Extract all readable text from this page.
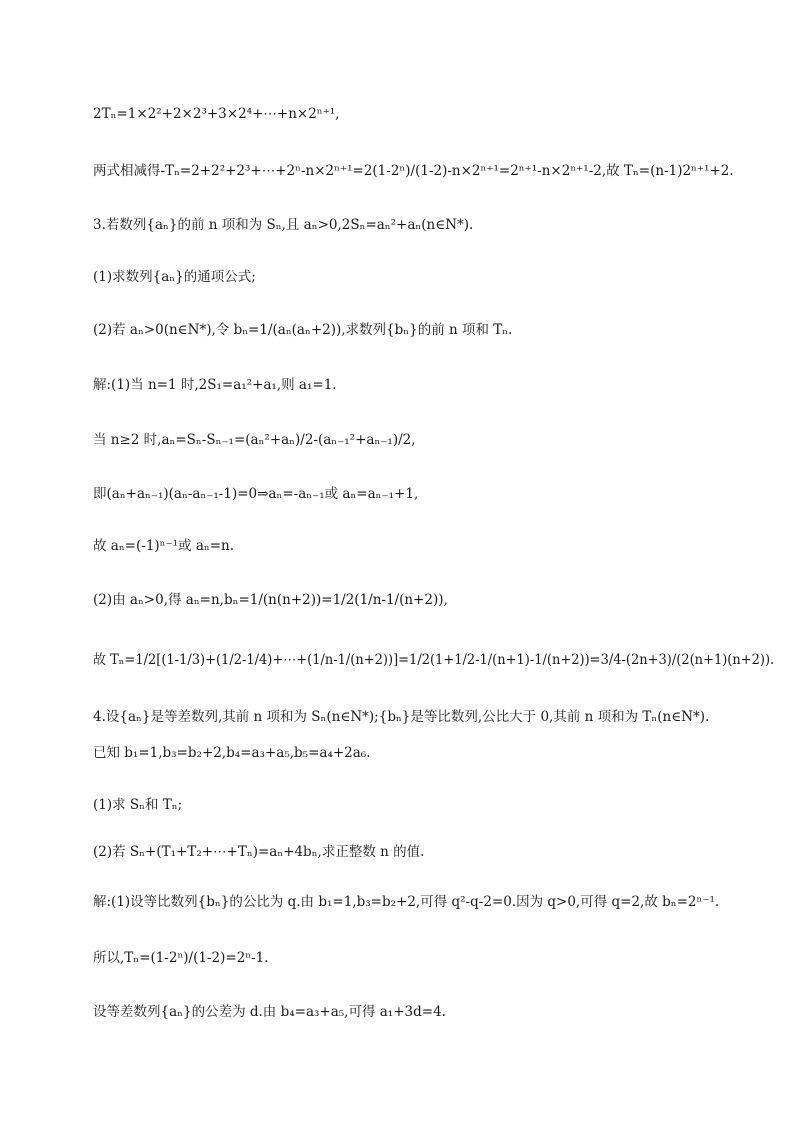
2Tₙ=1×2²+2×2³+3×2⁴+⋯+n×2ⁿ⁺¹,
两式相减得-Tₙ=2+2²+2³+⋯+2ⁿ-n×2ⁿ⁺¹=2(1-2ⁿ)/(1-2)-n×2ⁿ⁺¹=2ⁿ⁺¹-n×2ⁿ⁺¹-2,故 Tₙ=(n-1)2ⁿ⁺¹+2.
3.若数列{aₙ}的前 n 项和为 Sₙ,且 aₙ>0,2Sₙ=aₙ²+aₙ(n∈N*).
(1)求数列{aₙ}的通项公式;
(2)若 aₙ>0(n∈N*),令 bₙ=1/(aₙ(aₙ+2)),求数列{bₙ}的前 n 项和 Tₙ.
解:(1)当 n=1 时,2S₁=a₁²+a₁,则 a₁=1.
当 n≥2 时,aₙ=Sₙ-Sₙ₋₁=(aₙ²+aₙ)/2-(aₙ₋₁²+aₙ₋₁)/2,
即(aₙ+aₙ₋₁)(aₙ-aₙ₋₁-1)=0⇒aₙ=-aₙ₋₁或 aₙ=aₙ₋₁+1,
故 aₙ=(-1)ⁿ⁻¹或 aₙ=n.
(2)由 aₙ>0,得 aₙ=n,bₙ=1/(n(n+2))=1/2(1/n-1/(n+2)),
故 Tₙ=1/2[(1-1/3)+(1/2-1/4)+⋯+(1/n-1/(n+2))]=1/2(1+1/2-1/(n+1)-1/(n+2))=3/4-(2n+3)/(2(n+1)(n+2)).
4.设{aₙ}是等差数列,其前 n 项和为 Sₙ(n∈N*);{bₙ}是等比数列,公比大于 0,其前 n 项和为 Tₙ(n∈N*).
已知 b₁=1,b₃=b₂+2,b₄=a₃+a₅,b₅=a₄+2a₆.
(1)求 Sₙ和 Tₙ;
(2)若 Sₙ+(T₁+T₂+⋯+Tₙ)=aₙ+4bₙ,求正整数 n 的值.
解:(1)设等比数列{bₙ}的公比为 q.由 b₁=1,b₃=b₂+2,可得 q²-q-2=0.因为 q>0,可得 q=2,故 bₙ=2ⁿ⁻¹.
所以,Tₙ=(1-2ⁿ)/(1-2)=2ⁿ-1.
设等差数列{aₙ}的公差为 d.由 b₄=a₃+a₅,可得 a₁+3d=4.
